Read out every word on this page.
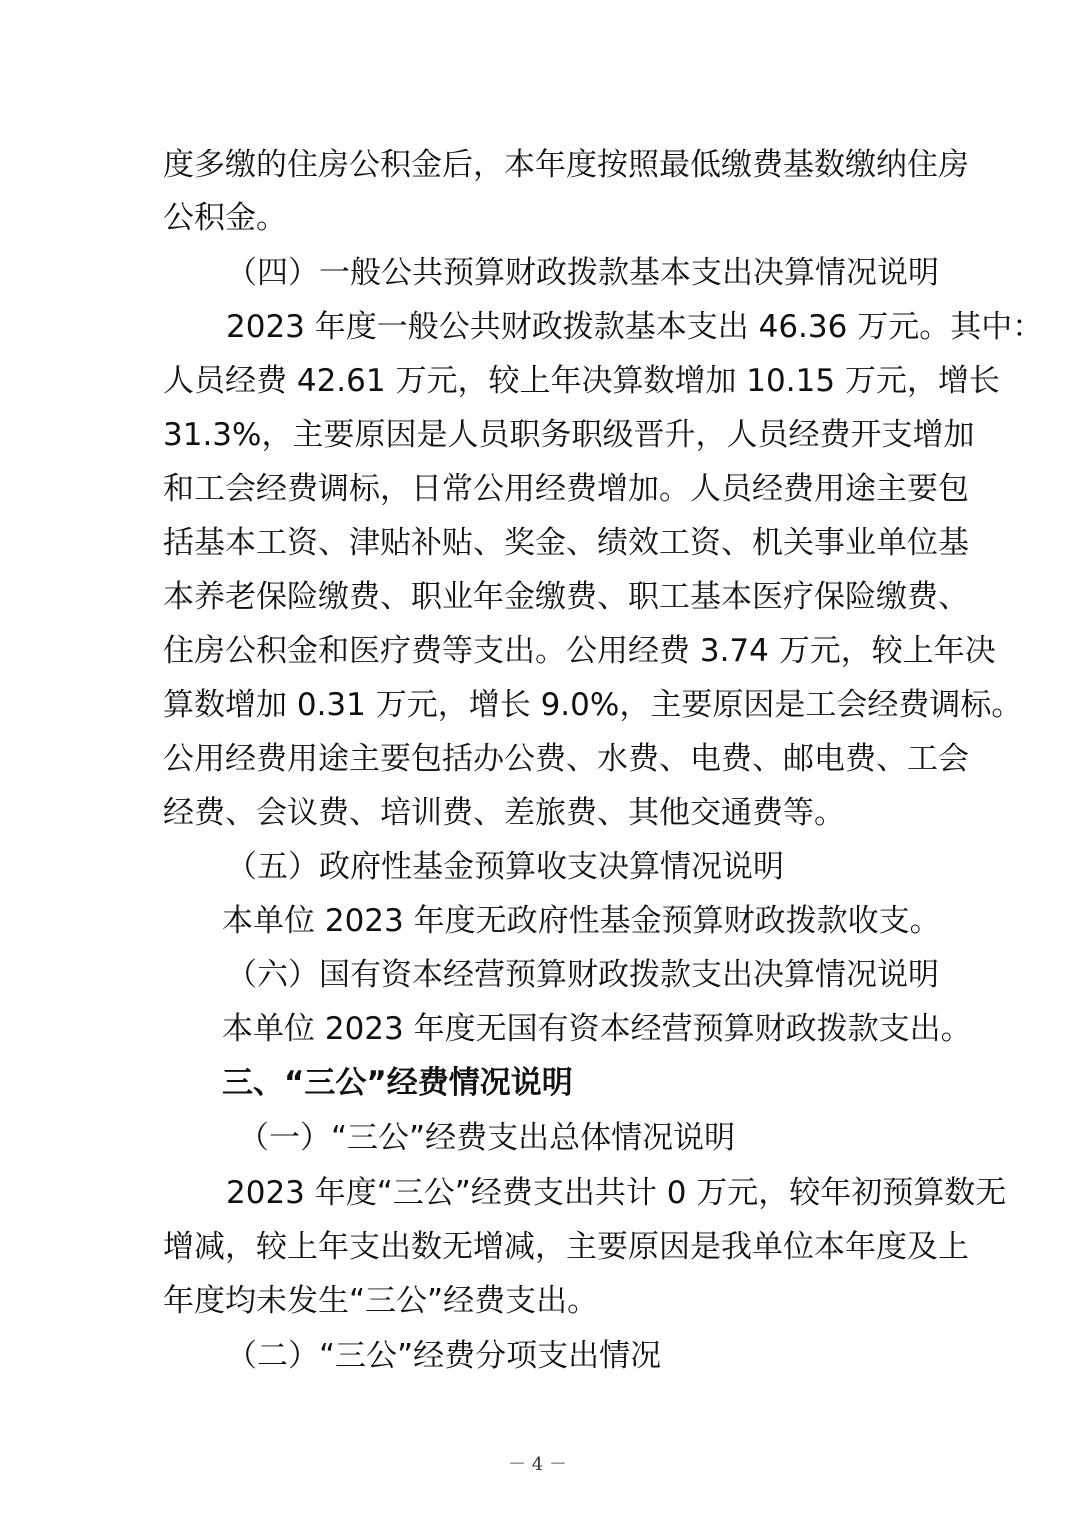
度多缴的住房公积金后，本年度按照最低缴费基数缴纳住房
公积金。
（四）一般公共预算财政拨款基本支出决算情况说明
2023 年度一般公共财政拨款基本支出 46.36 万元。其中：
人员经费 42.61 万元，较上年决算数增加 10.15 万元，增长
31.3%，主要原因是人员职务职级晋升，人员经费开支增加
和工会经费调标，日常公用经费增加。人员经费用途主要包
括基本工资、津贴补贴、奖金、绩效工资、机关事业单位基
本养老保险缴费、职业年金缴费、职工基本医疗保险缴费、
住房公积金和医疗费等支出。公用经费 3.74 万元，较上年决
算数增加 0.31 万元，增长 9.0%，主要原因是工会经费调标。
公用经费用途主要包括办公费、水费、电费、邮电费、工会
经费、会议费、培训费、差旅费、其他交通费等。
（五）政府性基金预算收支决算情况说明
本单位 2023 年度无政府性基金预算财政拨款收支。
（六）国有资本经营预算财政拨款支出决算情况说明
本单位 2023 年度无国有资本经营预算财政拨款支出。
三、“三公”经费情况说明
（一）“三公”经费支出总体情况说明
2023 年度“三公”经费支出共计 0 万元，较年初预算数无
增减，较上年支出数无增减，主要原因是我单位本年度及上
年度均未发生“三公”经费支出。
（二）“三公”经费分项支出情况
－ 4 －
